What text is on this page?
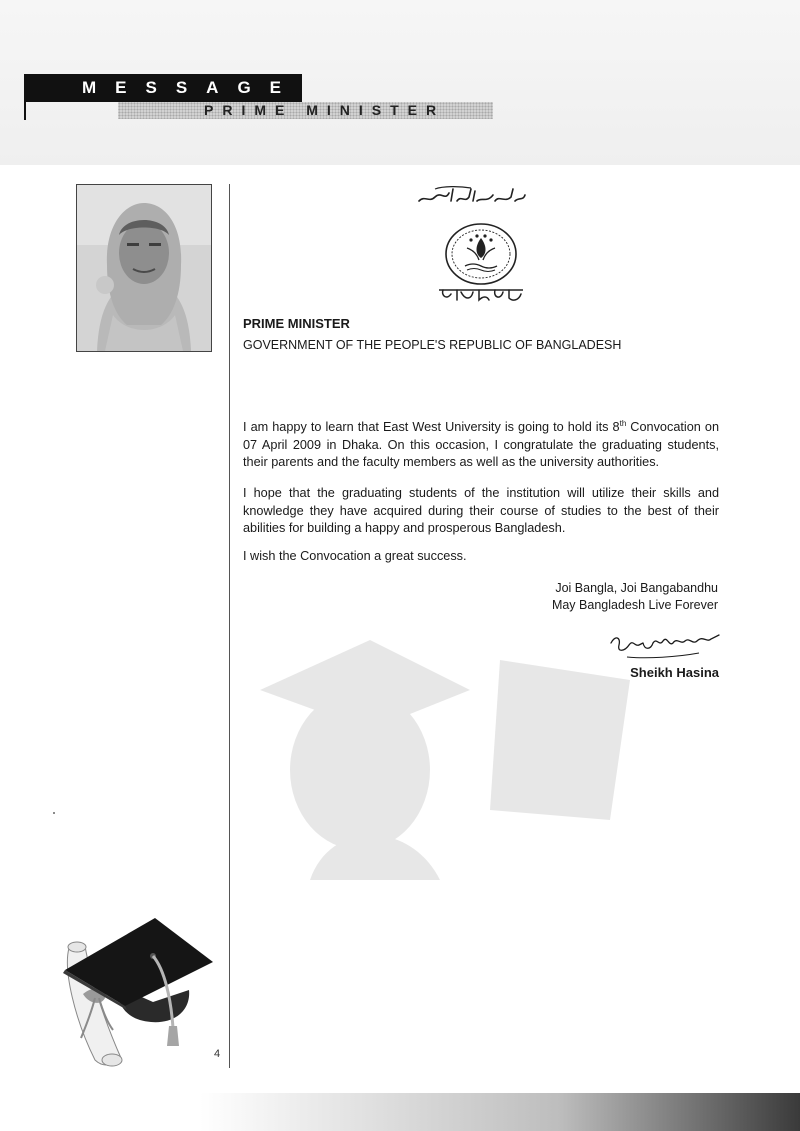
MESSAGE
PRIME MINISTER
PRIME MINISTER
GOVERNMENT OF THE PEOPLE'S REPUBLIC OF BANGLADESH

I am happy to learn that East West University is going to hold its 8th Convocation on 07 April 2009 in Dhaka. On this occasion, I congratulate the graduating students, their parents and the faculty members as well as the university authorities.

I hope that the graduating students of the institution will utilize their skills and knowledge they have acquired during their course of studies to the best of their abilities for building a happy and prosperous Bangladesh.

I wish the Convocation a great success.

Joi Bangla, Joi Bangabandhu
May Bangladesh Live Forever
Sheikh Hasina
4
